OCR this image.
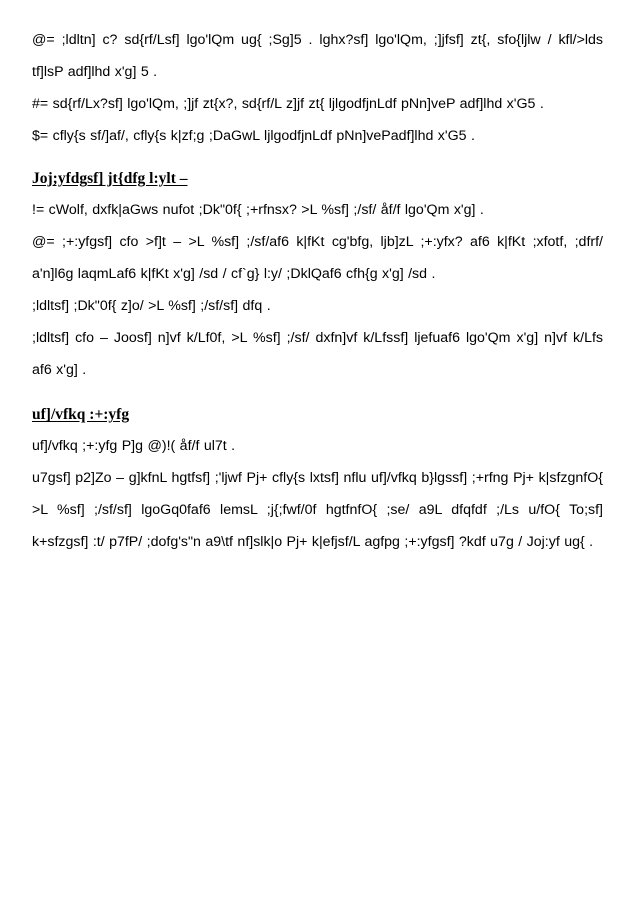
@= ;ldltn] c? sd{rf/Lsf] lgo'lQm ug{ ;Sg]5 . lghx?sf] lgo'lQm, ;]jfsf] zt{, sfo{ljlw / kfl/>lds tf]lsP adf]lhd x'g] 5 .

#= sd{rf/Lx?sf] lgo'lQm, ;]jf zt{x?, sd{rf/L z]jf zt{ ljlgodfjnLdf pNn]veP adf]lhd x'G5 .

$= cfly{s sf/]af/, cfly{s k|zf;g ;DaGwL ljlgodfjnLdf pNn]vePadf]lhd x'G5 .

Joj;yfdgsf] jt{dfg l:ylt –

!= cWolf, dxfk|aGws nufot ;Dk"0f{ ;+rfnsx? >L %sf] ;/sf/ åf/f lgo'Qm x'g] .

@= ;+:yfgsf] cfo >f]t – >L %sf] ;/sf/af6 k|fKt cg'bfg, ljb]zL ;+:yfx? af6 k|fKt ;xfotf, ;dfrf/ a'n]l6g laqmLaf6 k|fKt x'g] /sd / cf`g} l:y/ ;DklQaf6 cfh{g x'g] /sd .

;ldltsf] ;Dk"0f{ z]o/ >L %sf] ;/sf/sf] dfq .

;ldltsf] cfo – Joosf] n]vf k/Lf0f, >L %sf] ;/sf/ dxfn]vf k/Lfssf] ljefuaf6 lgo'Qm x'g] n]vf k/Lfs af6 x'g] .

uf]/vfkq :+:yfg

uf]/vfkq ;+:yfg P]g @)!( åf/f ul7t .

u7gsf] p2]Zo – g]kfnL hgtfsf] ;'ljwf Pj+ cfly{s lxtsf] nflu uf]/vfkq b}lgssf] ;+rfng Pj+ k|sfzgnfO{ >L %sf] ;/sf/sf] lgoGq0faf6 lemsL ;j{;fwf/0f hgtfnfO{ ;se/ a9L dfqfdf ;/Ls u/fO{ To;sf] k+sfzgsf] :t/ p7fP/ ;dofg's"n a9\tf nf]slk|o Pj+ k|efjsf/L agfpg ;+:yfgsf] ?kdf u7g / Joj:yf ug{ .
